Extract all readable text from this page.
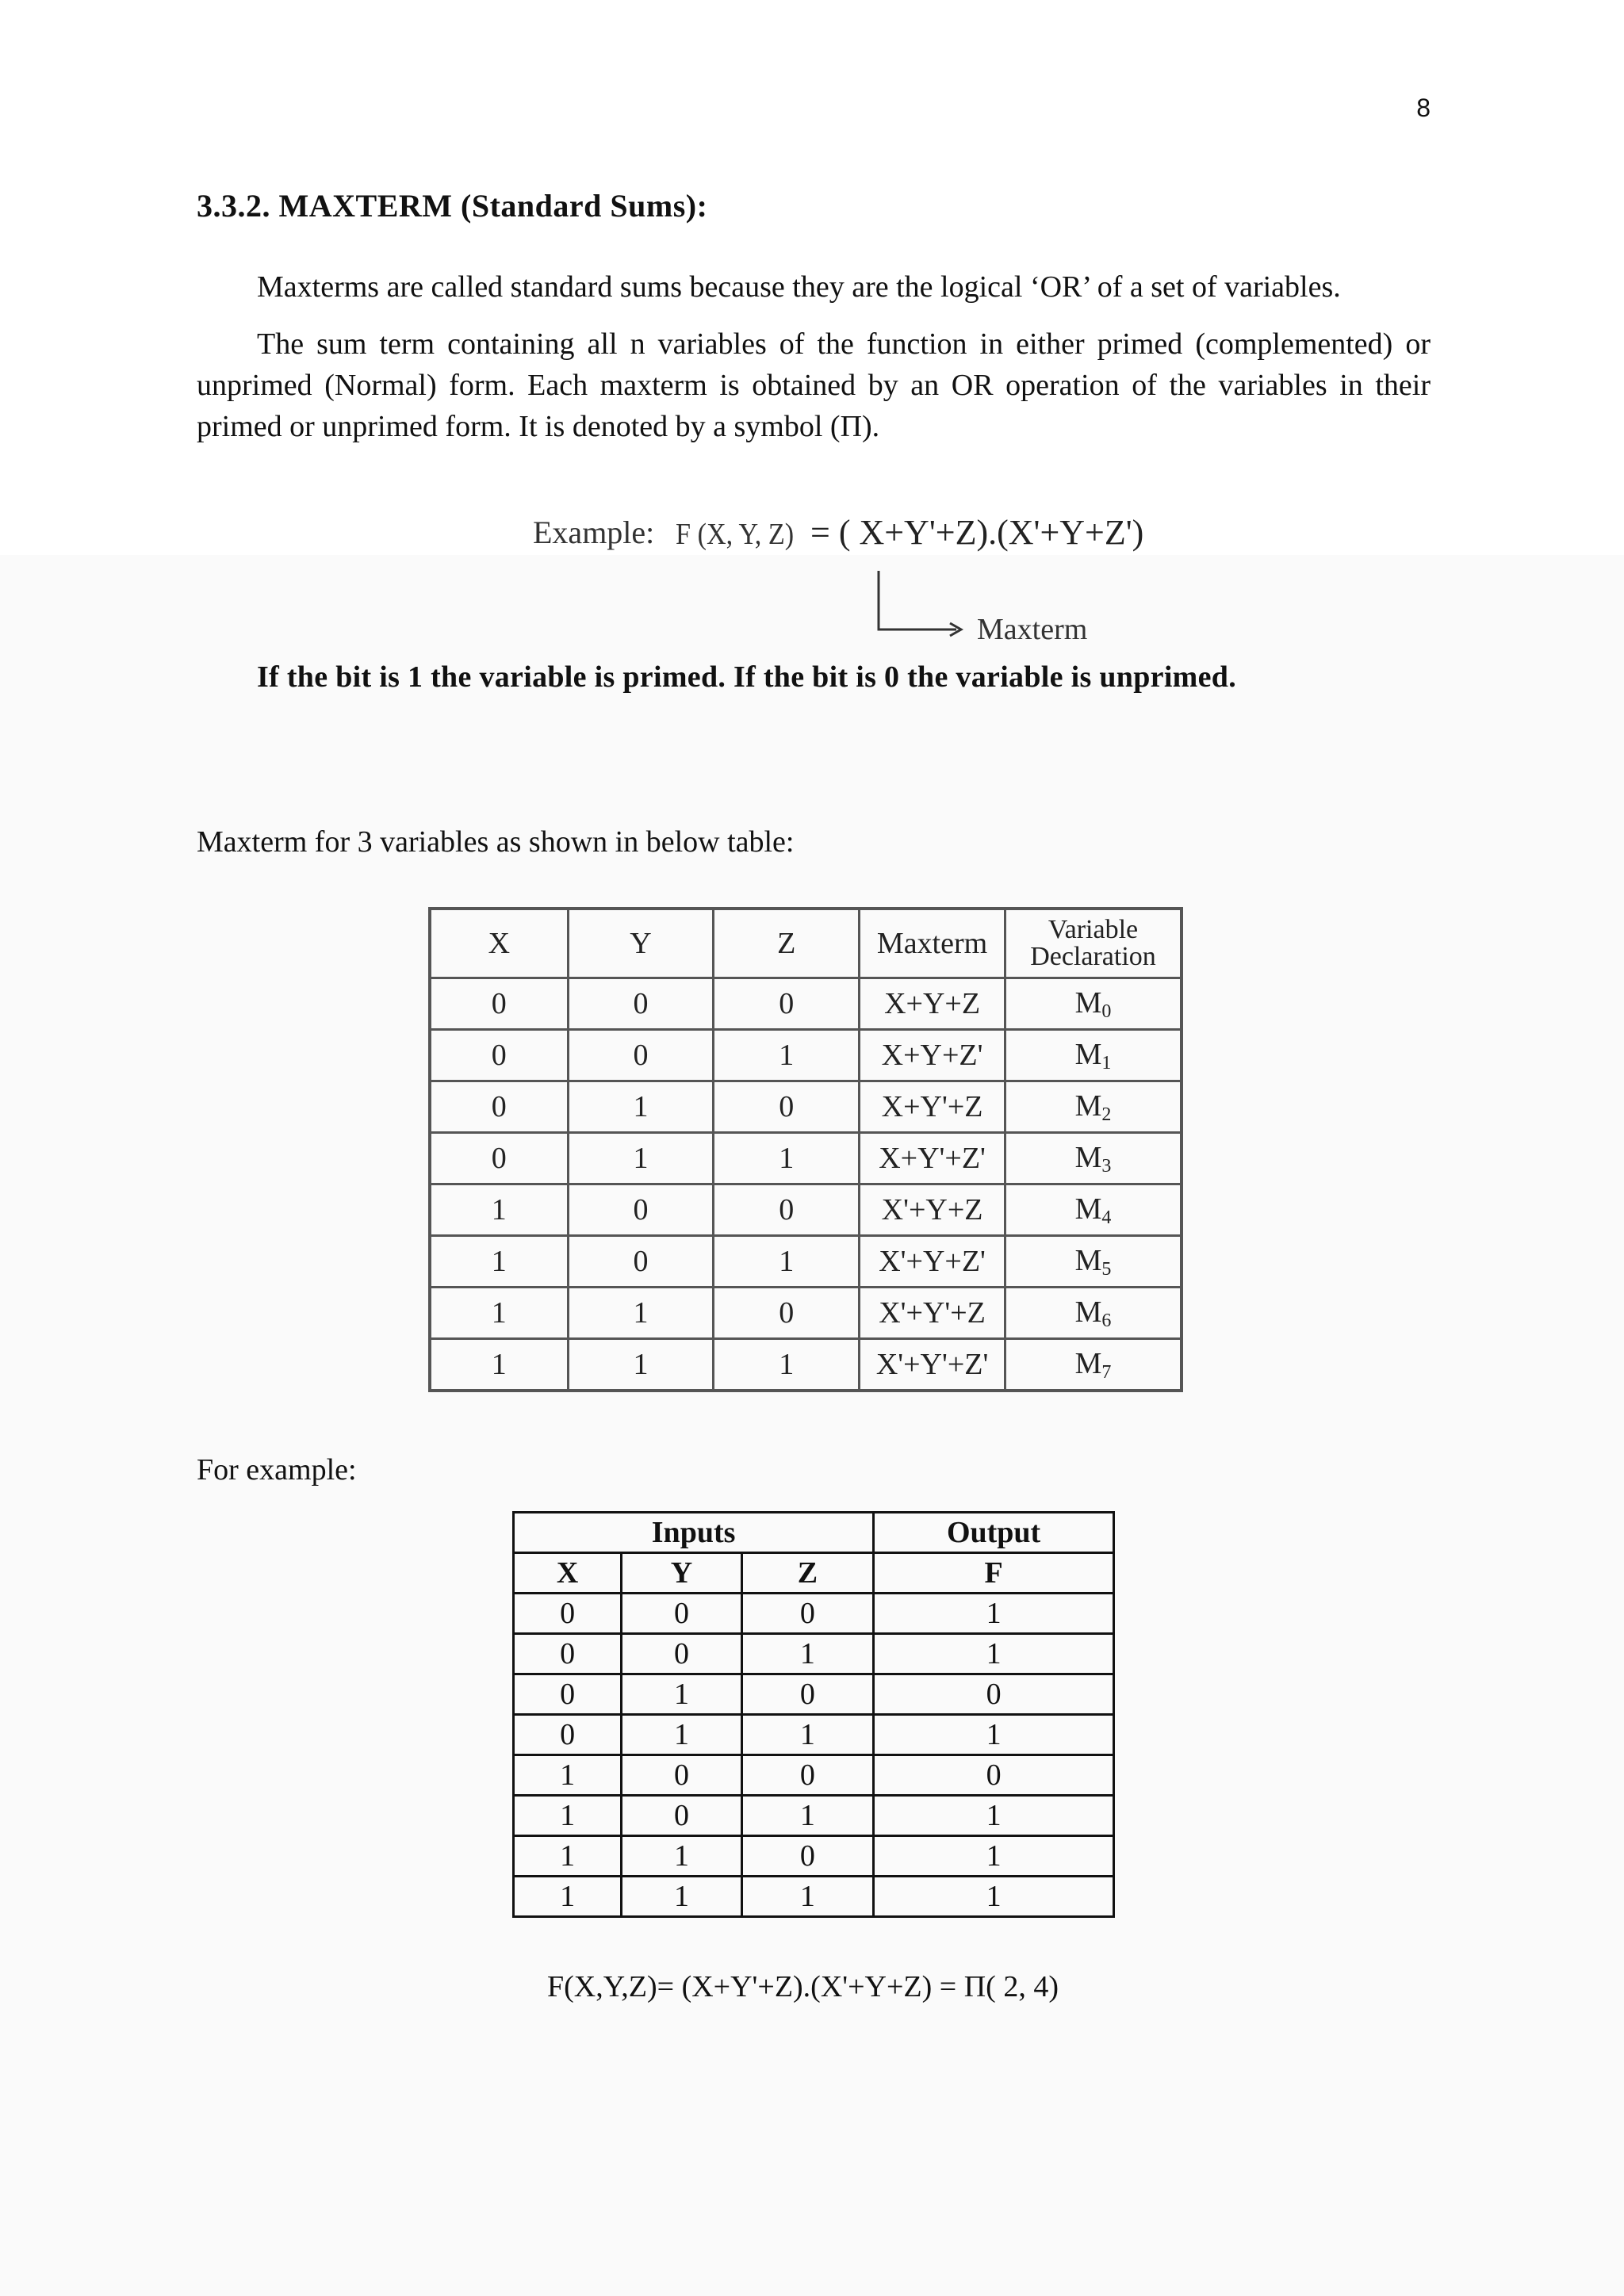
8
3.3.2. MAXTERM (Standard Sums):
Maxterms are called standard sums because they are the logical ‘OR’ of a set of variables.
The sum term containing all n variables of the function in either primed (complemented) or unprimed (Normal) form. Each maxterm is obtained by an OR operation of the variables in their primed or unprimed form. It is denoted by a symbol (Π).
Example: F (X, Y, Z) = ( X+Y'+Z).(X'+Y+Z')
Maxterm
If the bit is 1 the variable is primed. If the bit is 0 the variable is unprimed.
Maxterm for 3 variables as shown in below table:
X	Y	Z	Maxterm	Variable Declaration
0	0	0	X+Y+Z	$M_0$
0	0	1	X+Y+Z'	$M_1$
0	1	0	X+Y'+Z	$M_2$
0	1	1	X+Y'+Z'	$M_3$
1	0	0	X'+Y+Z	$M_4$
1	0	1	X'+Y+Z'	$M_5$
1	1	0	X'+Y'+Z	$M_6$
1	1	1	X'+Y'+Z'	$M_7$
For example:
Inputs			Output
X	Y	Z	F
0	0	0	1
0	0	1	1
0	1	0	0
0	1	1	1
1	0	0	0
1	0	1	1
1	1	0	1
1	1	1	1
F(X,Y,Z)= (X+Y'+Z).(X'+Y+Z) = Π( 2, 4)
